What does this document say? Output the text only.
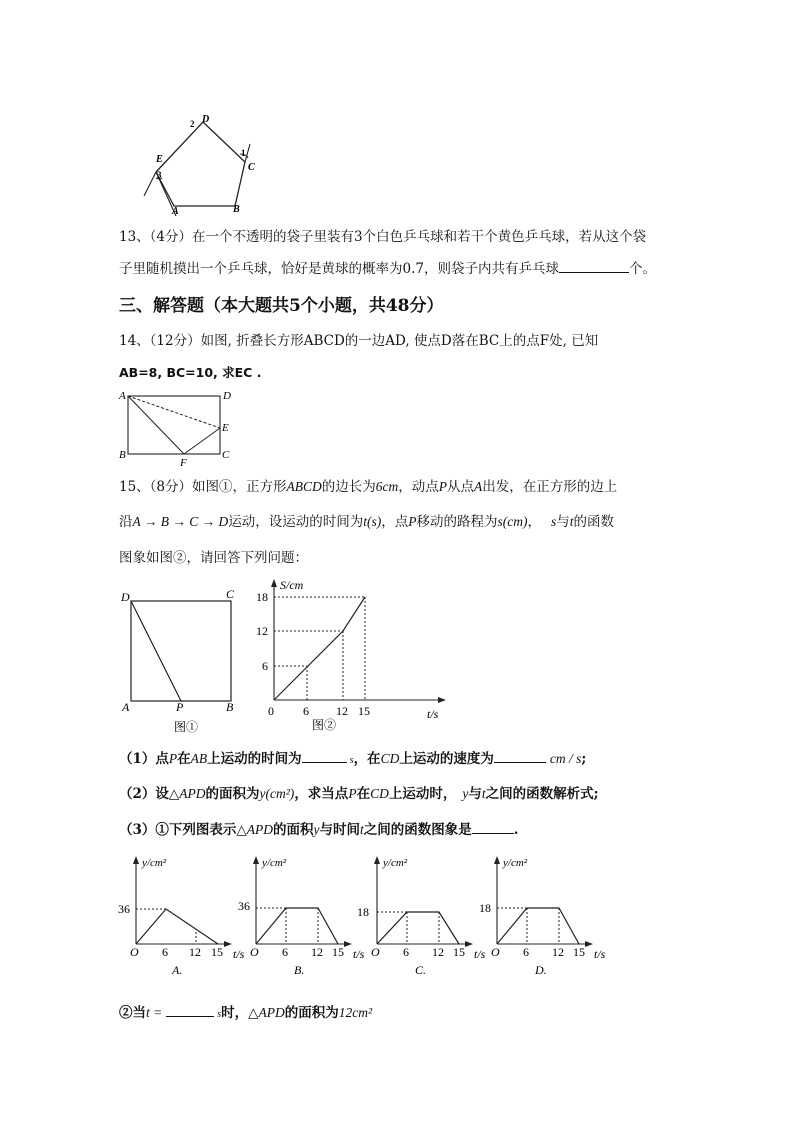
D
2
1
C
E
3
A	B
13、（4分）在一个不透明的袋子里装有3个白色乒乓球和若干个黄色乒乓球，若从这个袋
子里随机摸出一个乒乓球，恰好是黄球的概率为0.7，则袋子内共有乒乓球	个。
三、解答题（本大题共5个小题，共48分）
14、（12分）如图, 折叠长方形ABCD的一边AD, 使点D落在BC上的点F处, 已知
AB=8, BC=10, 求EC .
A	D
E
B
F
C
15、（8分）如图①，正方形ABCD的边长为6cm，动点P从点A出发，在正方形的边上
沿A → B → C → D运动，设运动的时间为t(s)，点P移动的路程为s(cm)， s与t的函数
图象如图②，请回答下列问题：
D	C
A	P	B
图①
S/cm
18
12
6
0 6 12 15	t/s
图②
（1）点P在AB上运动的时间为	s，在CD上运动的速度为	cm / s;
（2）设△APD的面积为y(cm²)，求当点P在CD上运动时， y与t之间的函数解析式;
（3）①下列图表示△APD的面积y与时间t之间的函数图象是	.
y/cm²
36
O 6 12 15 t/s
A.
y/cm²
36
O 6 12 15 t/s
B.
y/cm²
18
O 6 12 15 t/s
C.
y/cm²
18
O 6 12 15 t/s
D.
②当t =	s时，△APD的面积为12cm²
